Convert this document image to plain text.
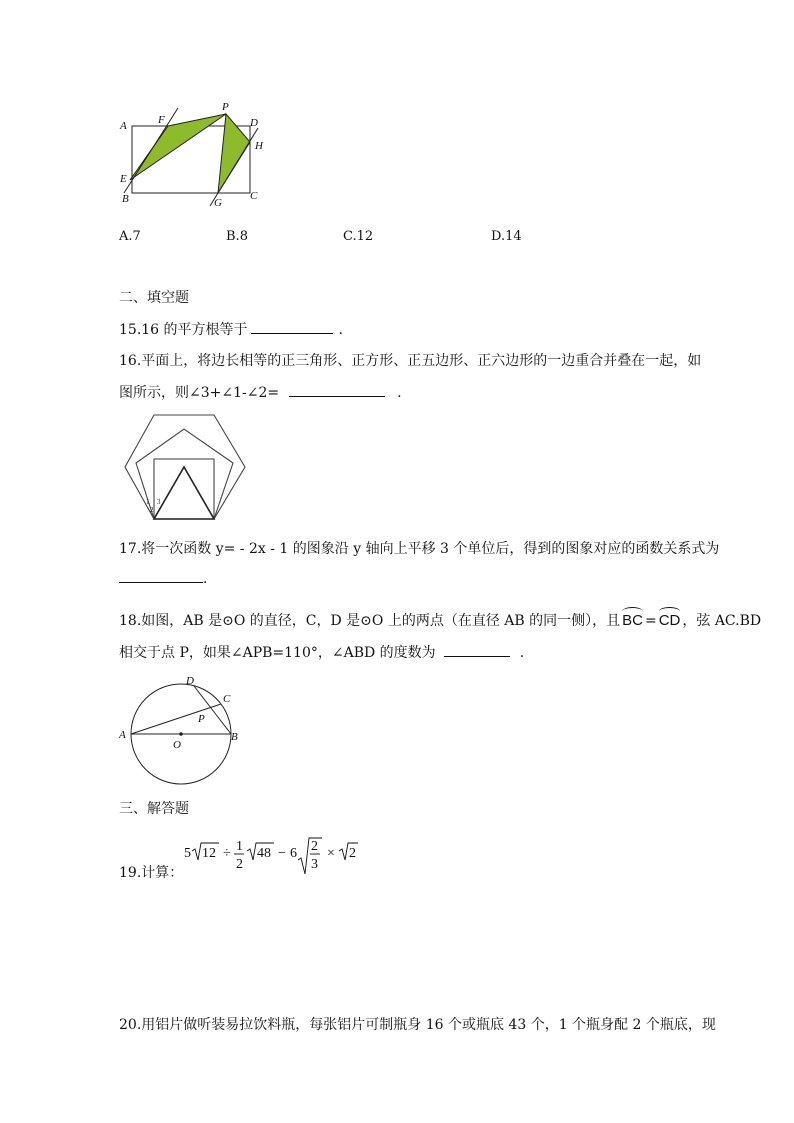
A	F
P
D
H
E
B	G
C
A.7	B.8	C.12	D.14
二、填空题
15.16 的平方根等于	.
16.平面上，将边长相等的正三角形、正方形、正五边形、正六边形的一边重合并叠在一起，如
图所示，则∠3+∠1-∠2=	.
1
2
3
17.将一次函数 y= - 2x - 1 的图象沿 y 轴向上平移 3 个单位后，得到的图象对应的函数关系式为
.
18.如图，AB 是⊙O 的直径，C，D 是⊙O 上的两点（在直径 AB 的同一侧），且 BC = CD ，弦 AC.BD
相交于点 P，如果∠APB=110°，∠ABD 的度数为	.
A	B
C
D
P
O
三、解答题
19.计算：
5 12 ÷ 1
2
48 − 6 2
3
× 2
20.用铝片做听装易拉饮料瓶，每张铝片可制瓶身 16 个或瓶底 43 个，1 个瓶身配 2 个瓶底，现
